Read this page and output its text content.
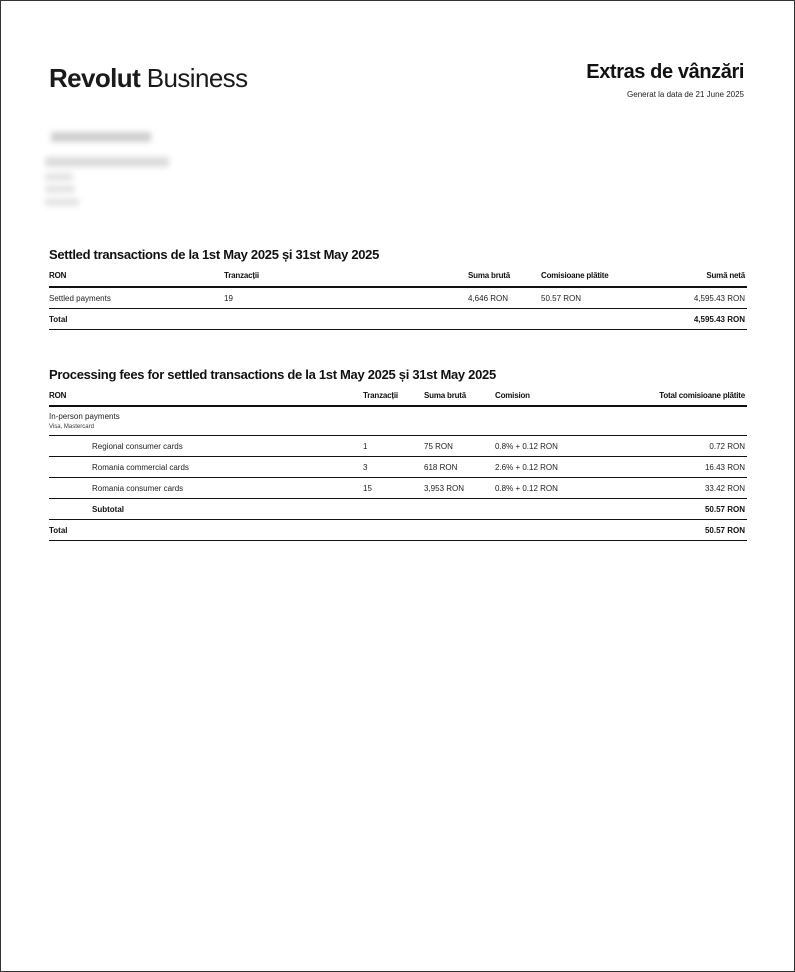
Revolut Business	Extras de vânzări
Generat la data de 21 June 2025
Settled transactions de la 1st May 2025 și 31st May 2025
RON	Tranzacții	Suma brută	Comisioane plătite	Sumă netă
Settled payments	19	4,646 RON	50.57 RON	4,595.43 RON
Total	4,595.43 RON
Processing fees for settled transactions de la 1st May 2025 și 31st May 2025
RON	Tranzacții	Suma brută	Comision	Total comisioane plătite
In-person payments
Visa, Mastercard
Regional consumer cards	1	75 RON	0.8% + 0.12 RON	0.72 RON
Romania commercial cards	3	618 RON	2.6% + 0.12 RON	16.43 RON
Romania consumer cards	15	3,953 RON	0.8% + 0.12 RON	33.42 RON
Subtotal	50.57 RON
Total	50.57 RON
